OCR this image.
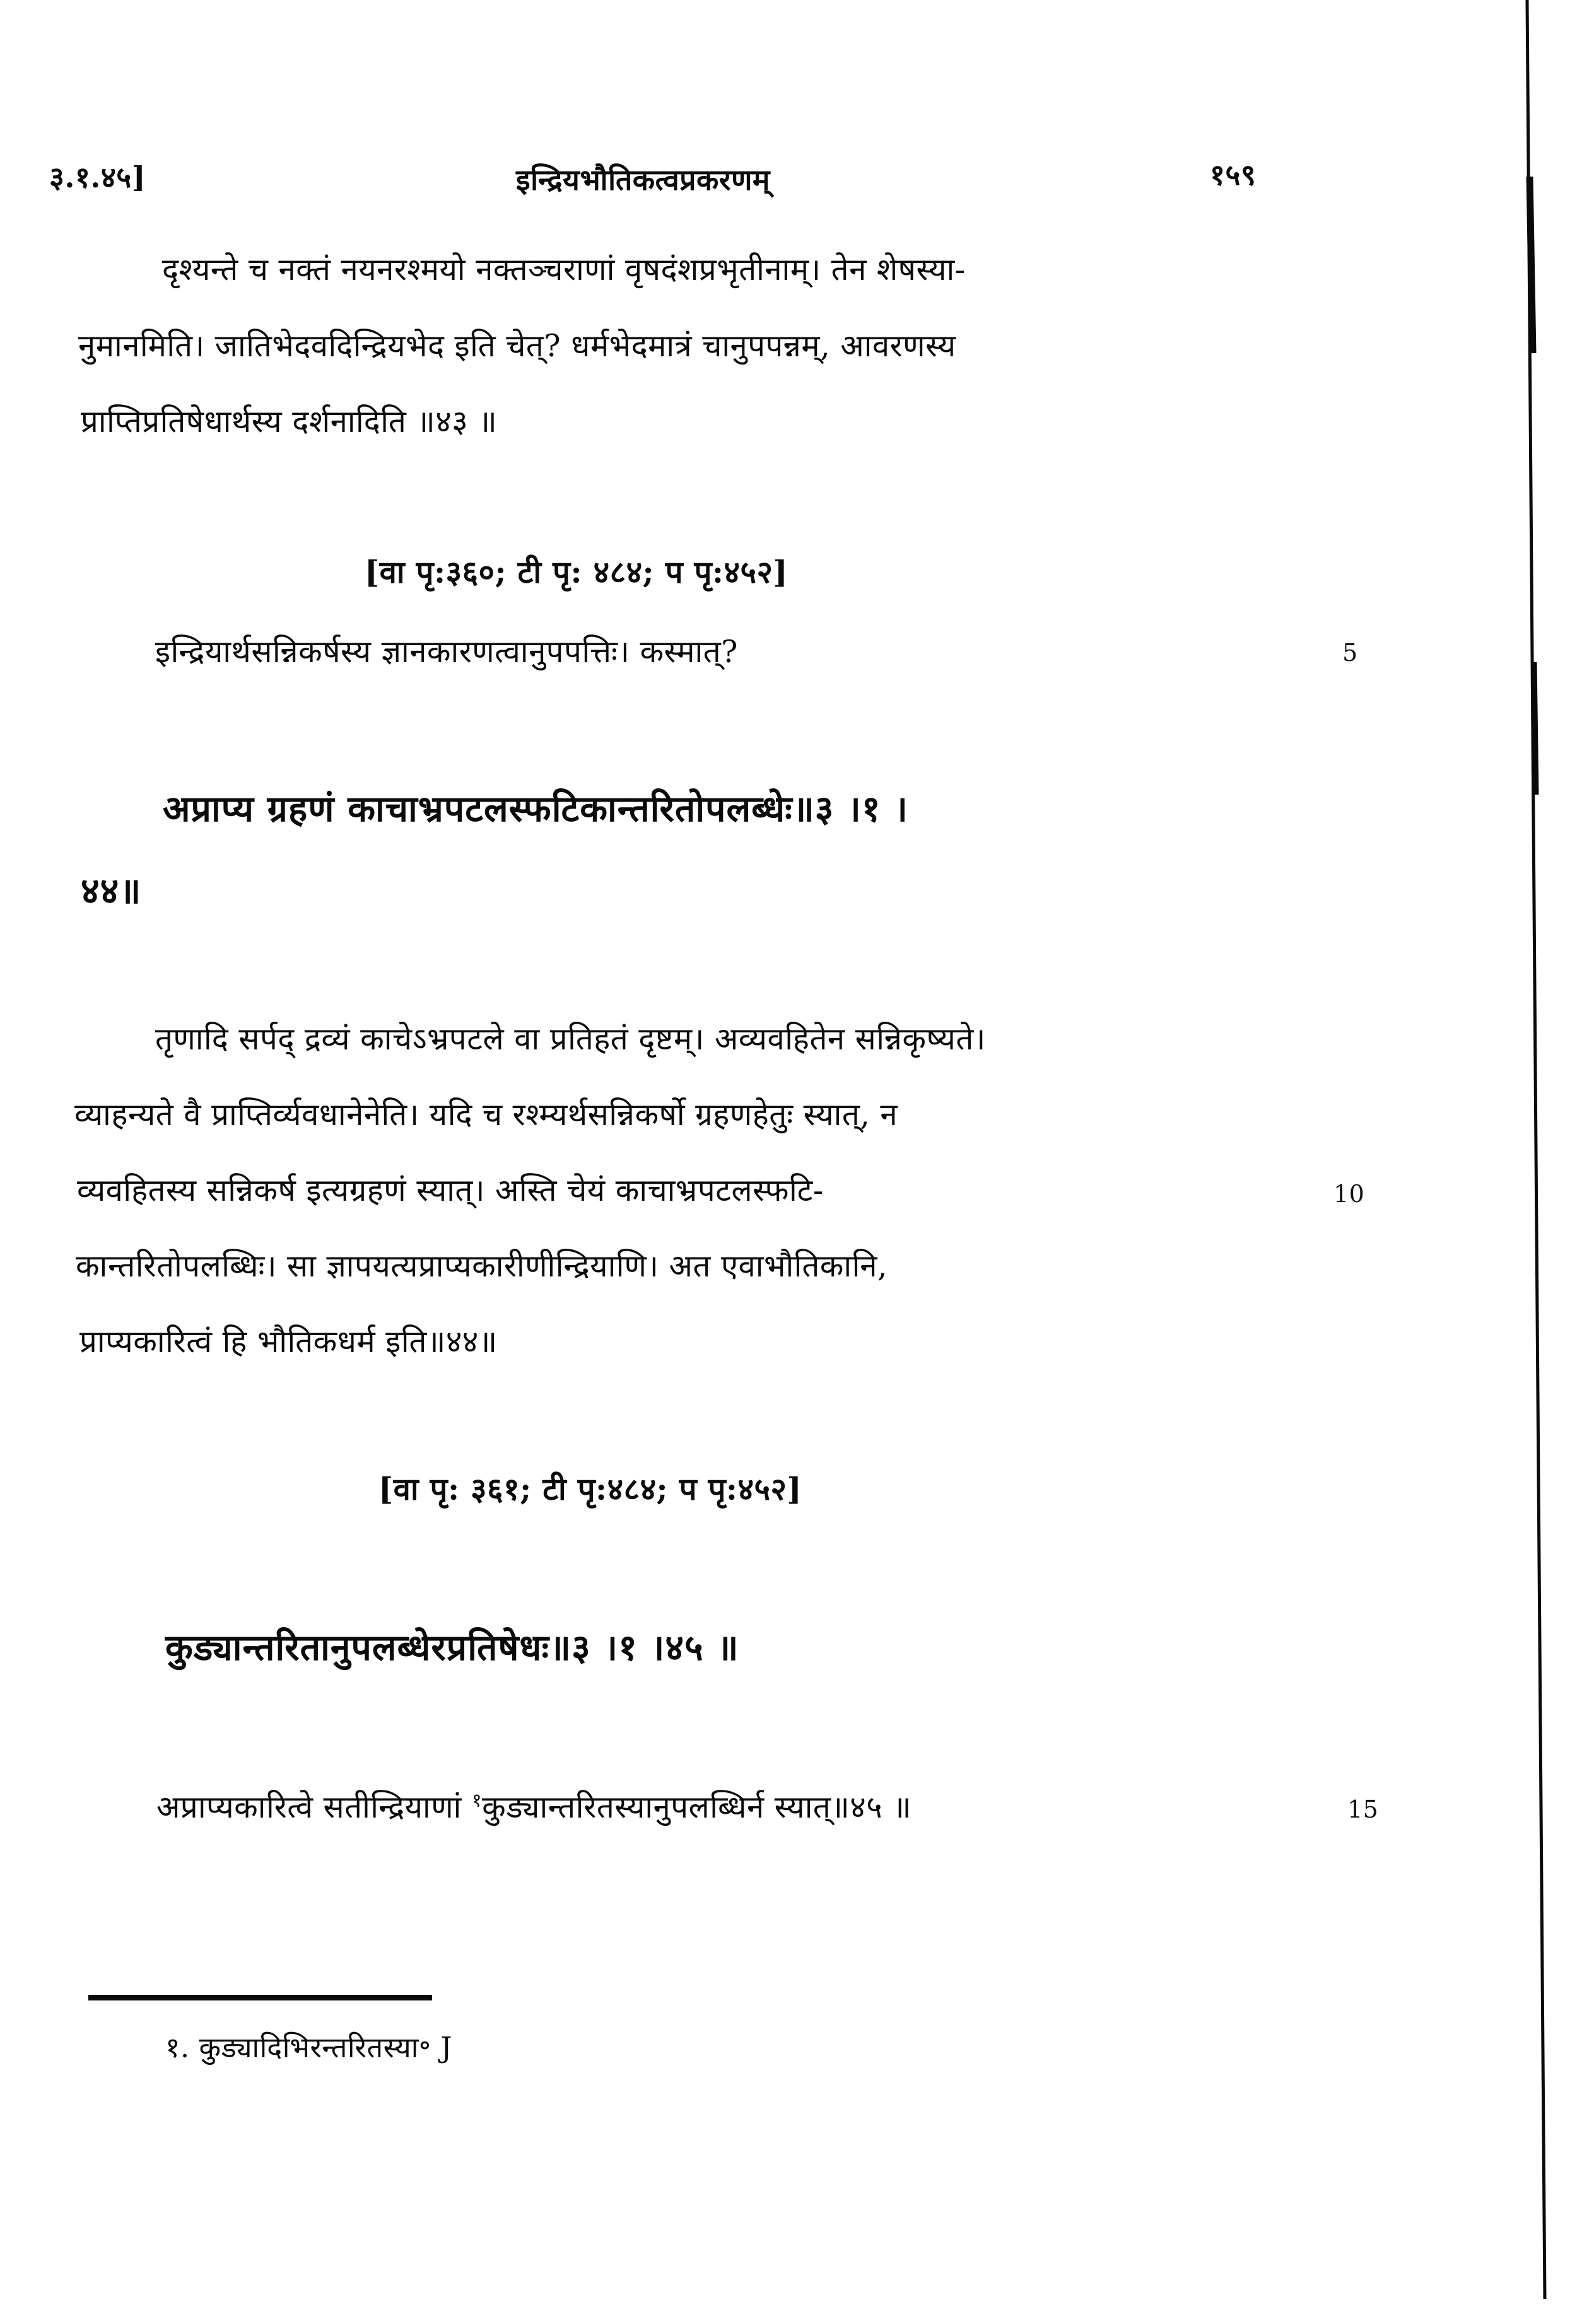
३.१.४५]	इन्द्रियभौतिकत्वप्रकरणम्	१५९
दृश्यन्ते च नक्तं नयनरश्मयो नक्तञ्चराणां वृषदंशप्रभृतीनाम्। तेन शेषस्या-
नुमानमिति। जातिभेदवदिन्द्रियभेद इति चेत्? धर्मभेदमात्रं चानुपपन्नम्, आवरणस्य
प्राप्तिप्रतिषेधार्थस्य दर्शनादिति ॥४३ ॥
[वा पृ:३६०; टी पृ: ४८४; प पृ:४५२]
इन्द्रियार्थसन्निकर्षस्य ज्ञानकारणत्वानुपपत्तिः। कस्मात्?	5
अप्राप्य ग्रहणं काचाभ्रपटलस्फटिकान्तरितोपलब्धेः॥३ ।१ ।
४४॥
तृणादि सर्पद् द्रव्यं काचेऽभ्रपटले वा प्रतिहतं दृष्टम्। अव्यवहितेन सन्निकृष्यते।
व्याहन्यते वै प्राप्तिर्व्यवधानेनेति। यदि च रश्म्यर्थसन्निकर्षो ग्रहणहेतुः स्यात्, न
व्यवहितस्य सन्निकर्ष इत्यग्रहणं स्यात्। अस्ति चेयं काचाभ्रपटलस्फटि-	10
कान्तरितोपलब्धिः। सा ज्ञापयत्यप्राप्यकारीणीन्द्रियाणि। अत एवाभौतिकानि,
प्राप्यकारित्वं हि भौतिकधर्म इति॥४४॥
[वा पृ: ३६१; टी पृ:४८४; प पृ:४५२]
कुड्यान्तरितानुपलब्धेरप्रतिषेधः॥३ ।१ ।४५ ॥
अप्राप्यकारित्वे सतीन्द्रियाणां $^१$कुड्यान्तरितस्यानुपलब्धिर्न स्यात्॥४५ ॥	15
१. कुड्यादिभिरन्तरितस्या॰ J
